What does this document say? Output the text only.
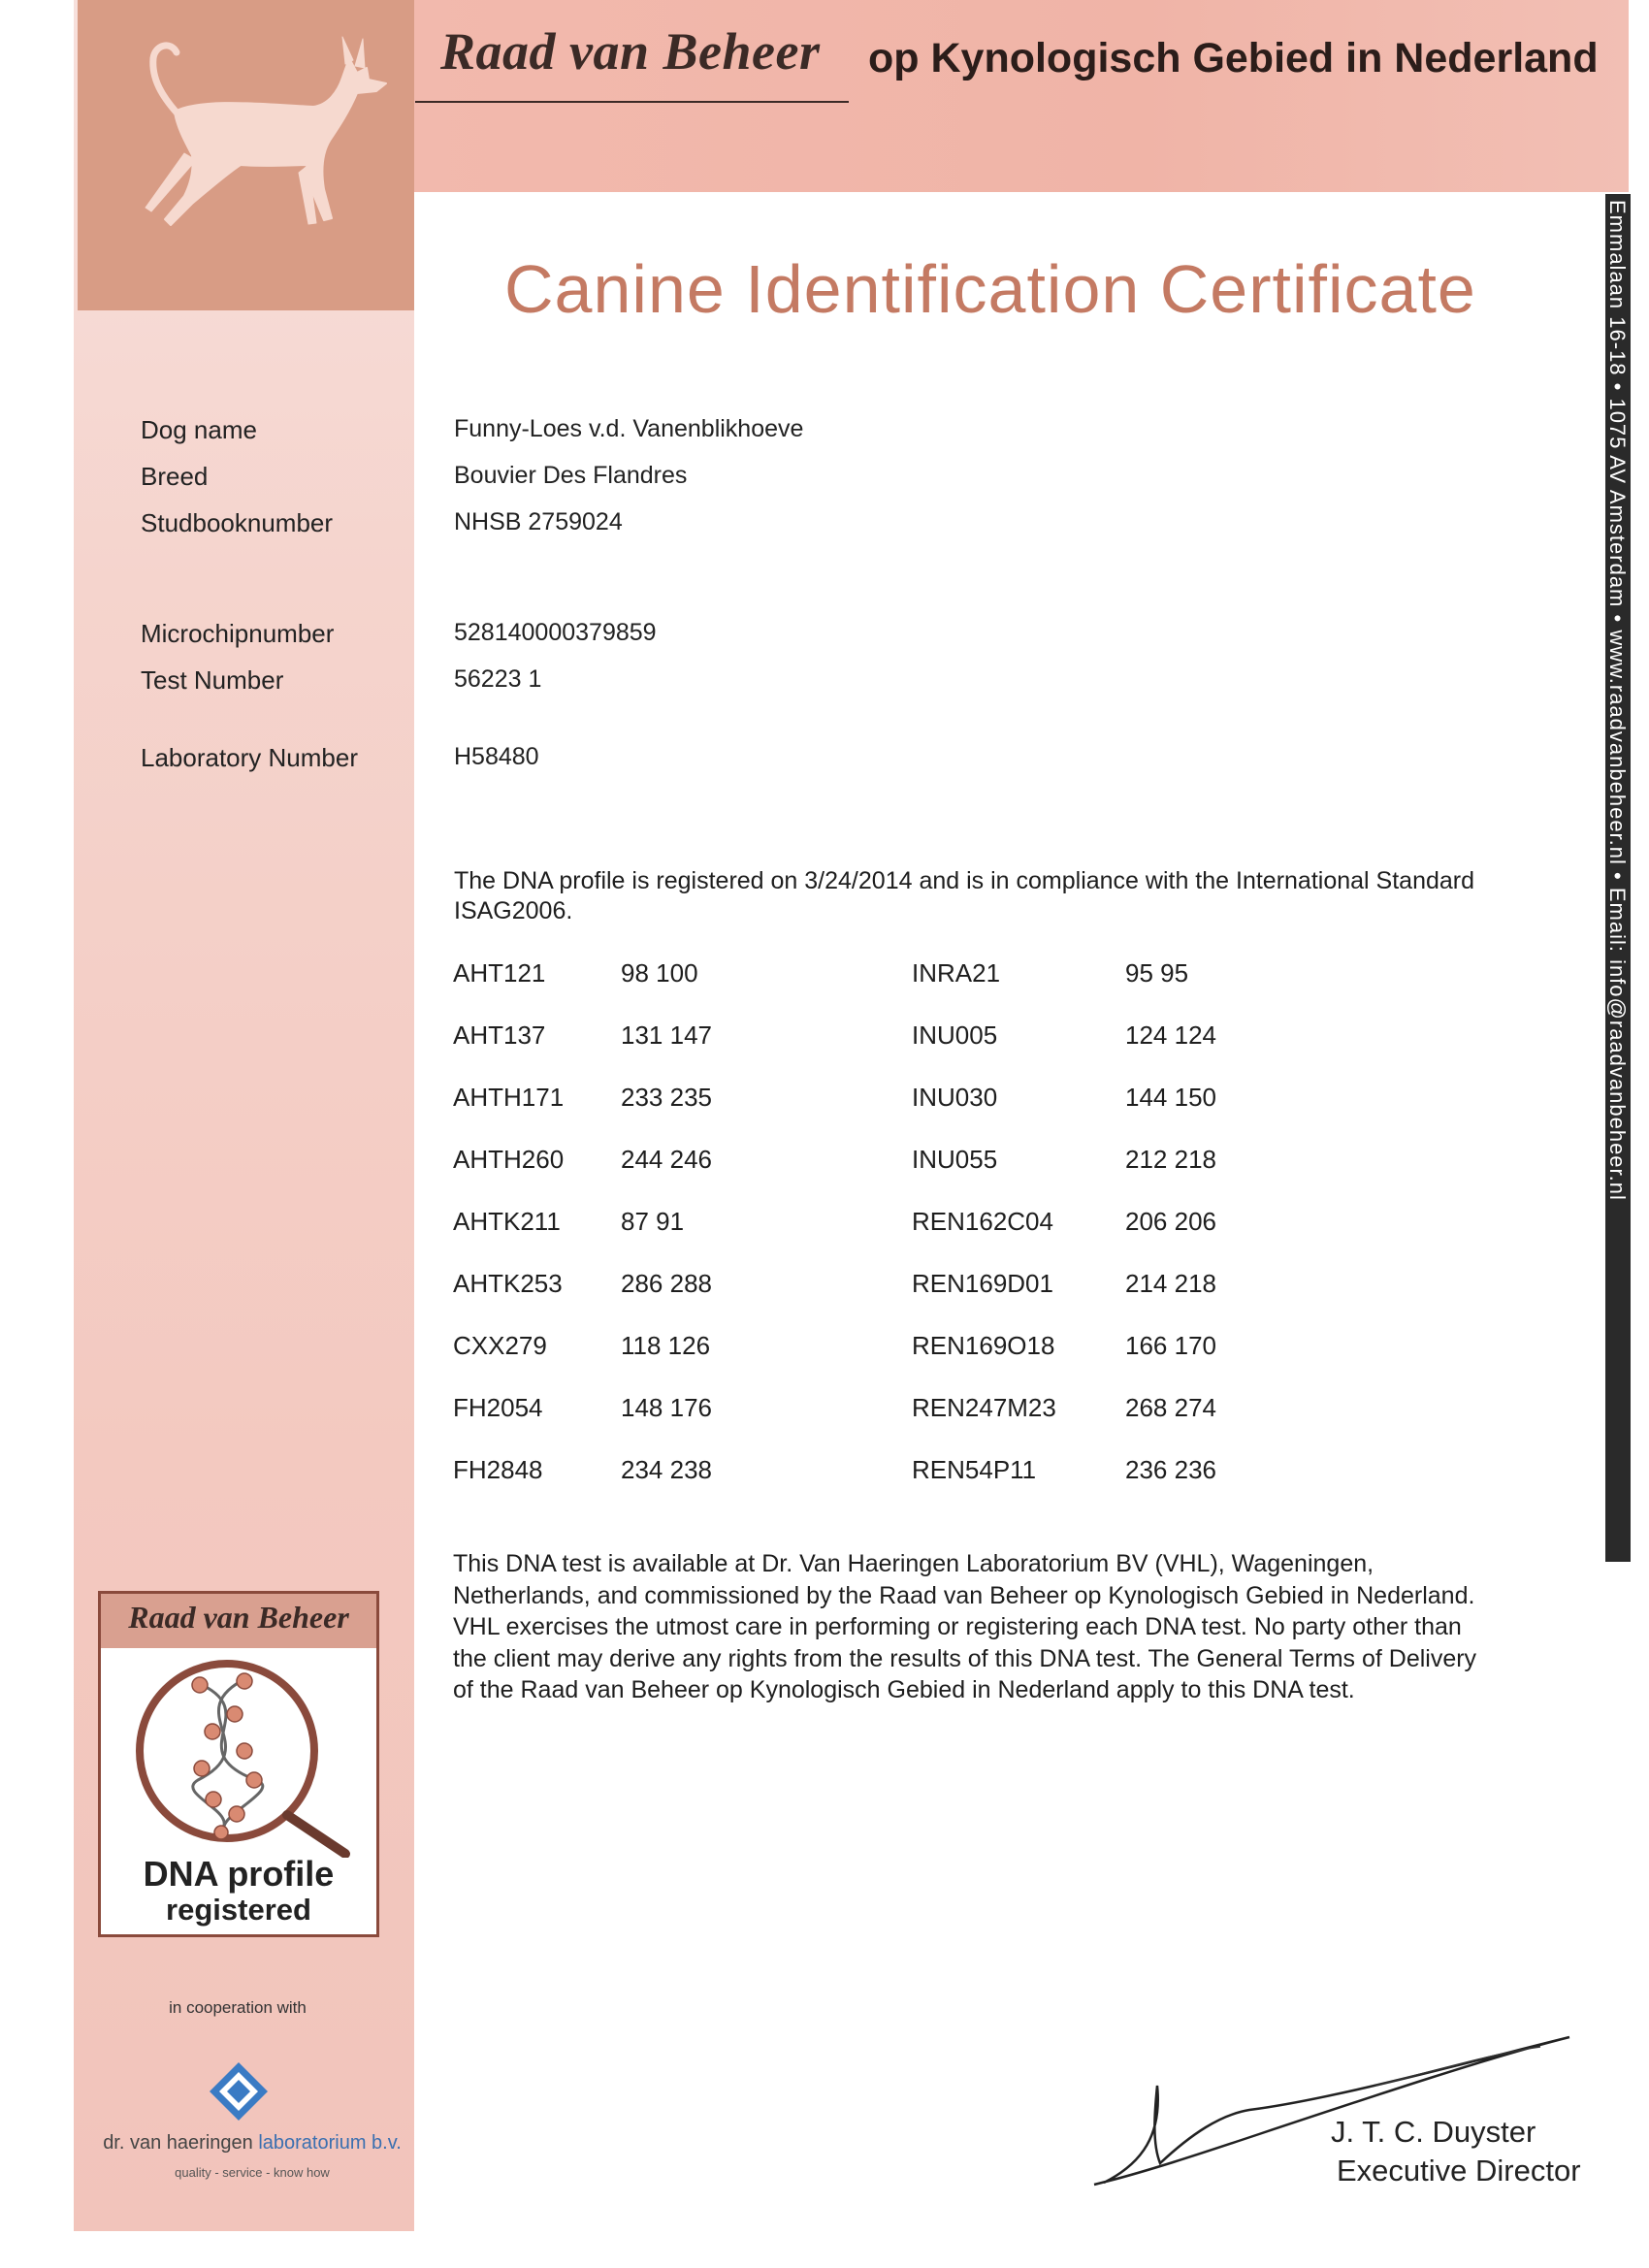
Raad van Beheer op Kynologisch Gebied in Nederland
Canine Identification Certificate	Emmalaan 16-18 • 1075 AV Amsterdam • www.raadvanbeheer.nl • Email: info@raadvanbeheer.nl
Dog name	Funny-Loes v.d. Vanenblikhoeve
Breed	Bouvier Des Flandres
Studbooknumber	NHSB 2759024
Microchipnumber	528140000379859
Test Number	56223 1
Laboratory Number	H58480
The DNA profile is registered on 3/24/2014 and is in compliance with the International Standard ISAG2006.
AHT121	98 100	INRA21	95 95
AHT137	131 147	INU005	124 124
AHTH171 233 235	INU030	144 150
AHTH260 244 246	INU055	212 218
AHTK211 87 91	REN162C04	206 206
AHTK253 286 288	REN169D01	214 218
CXX279	118 126	REN169O18	166 170
FH2054	148 176	REN247M23	268 274
FH2848	234 238	REN54P11	236 236
This DNA test is available at Dr. Van Haeringen Laboratorium BV (VHL), Wageningen, Netherlands, and commissioned by the Raad van Beheer op Kynologisch Gebied in Nederland. VHL exercises the utmost care in performing or registering each DNA test. No party other than the client may derive any rights from the results of this DNA test. The General Terms of Delivery of the Raad van Beheer op Kynologisch Gebied in Nederland apply to this DNA test.
Raad van Beheer
DNA profile
registered
in cooperation with
dr. van haeringen laboratorium b.v.
quality - service - know how
J. T. C. Duyster
Executive Director
